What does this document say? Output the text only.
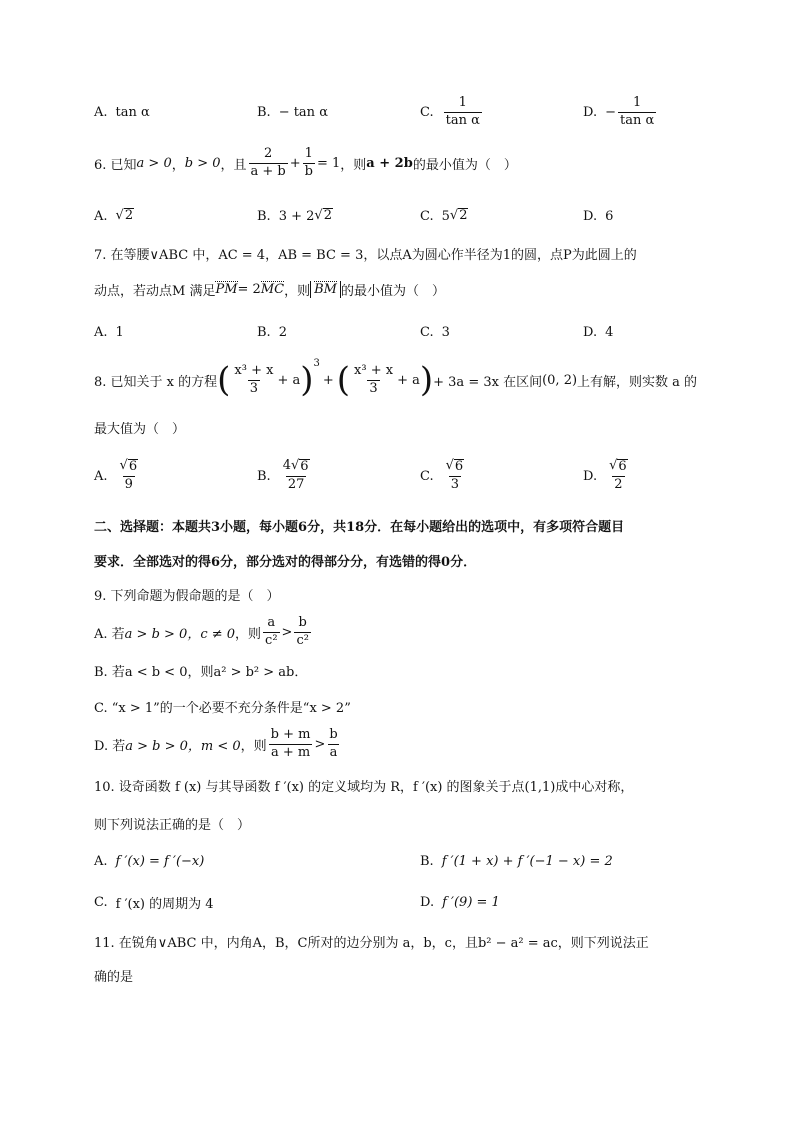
A. tan α	B. − tan α	C. $\frac{1}{\text{tan α}}$	D. − $\frac{1}{\text{tan α}}$
6. 已知 a > 0 ， b > 0 ，且 $\frac{2}{a + b} + \frac{1}{b} = 1$ ，则 a + 2b 的最小值为（　）
A. √ 2	B. 3 + 2 √ 2	C. 5 √ 2	D. 6
7. 在等腰∨ABC 中，AC = 4，AB = BC = 3，以点A为圆心作半径为1的圆，点P为此圆上的
动点，若动点M 满足 PM = 2 MC ，则 BM 的最小值为（　）
A. 1	B. 2	C. 3	D. 4
8. 已知关于 x 的方程 ( $\frac{\text{x³ + x}}{3} + a$ )$^3$
+ ( $\frac{\text{x³ + x}}{3} + a$ ) + 3a = 3x 在区间 (0, 2) 上有解，则实数 a 的
最大值为（　）
A. $\frac{√ 6}{9}$	B. $\frac{4√ 6}{27}$	C. $\frac{√ 6}{3}$	D. $\frac{√ 6}{2}$
二、选择题：本题共3小题，每小题6分，共18分．在每小题给出的选项中，有多项符合题目
要求．全部选对的得6分，部分选对的得部分分，有选错的得0分．
9. 下列命题为假命题的是（　）
A. 若 a > b > 0，c ≠ 0 ，则 $\frac{a}{\text{c²}} > \frac{b}{\text{c²}}$
B. 若a < b < 0，则a² > b² > ab．
C. “x > 1”的一个必要不充分条件是“x > 2”
D. 若 a > b > 0，m < 0 ，则 $\frac{b + m}{a + m} > \frac{b}{a}$
10. 设奇函数 f (x) 与其导函数 f ′(x) 的定义域均为 R，f ′(x) 的图象关于点(1,1)成中心对称，
则下列说法正确的是（　）
A. f ′(x) = f ′(−x)	B. f ′(1 + x) + f ′(−1 − x) = 2
C. f ′(x) 的周期为 4	D. f ′(9) = 1
11. 在锐角∨ABC 中，内角A，B，C所对的边分别为 a，b，c，且b² − a² = ac，则下列说法正
确的是
